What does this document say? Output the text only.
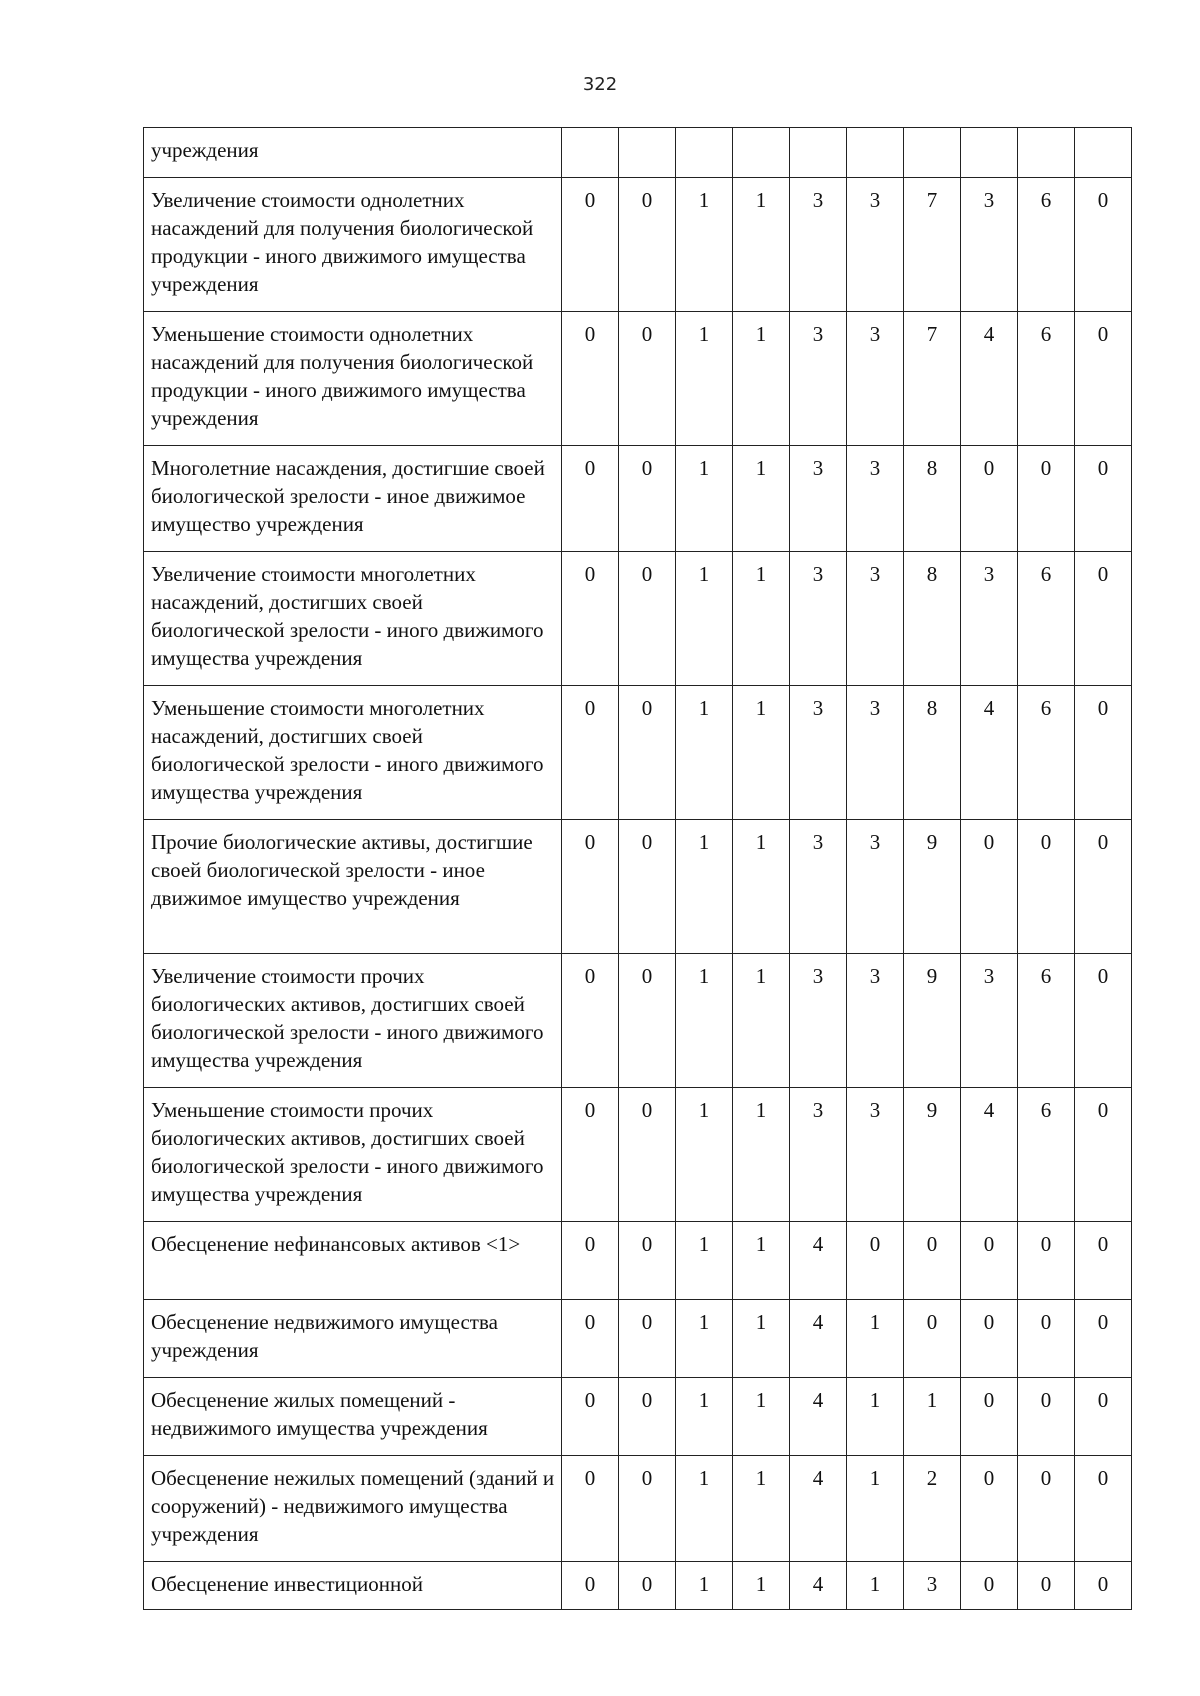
322
учреждения										
Увеличение стоимости однолетних насаждений для получения биологической продукции - иного движимого имущества учреждения	0	0	1	1	3	3	7	3	6	0
Уменьшение стоимости однолетних насаждений для получения биологической продукции - иного движимого имущества учреждения	0	0	1	1	3	3	7	4	6	0
Многолетние насаждения, достигшие своей биологической зрелости - иное движимое имущество учреждения	0	0	1	1	3	3	8	0	0	0
Увеличение стоимости многолетних насаждений, достигших своей биологической зрелости - иного движимого имущества учреждения	0	0	1	1	3	3	8	3	6	0
Уменьшение стоимости многолетних насаждений, достигших своей биологической зрелости - иного движимого имущества учреждения	0	0	1	1	3	3	8	4	6	0
Прочие биологические активы, достигшие своей биологической зрелости - иное движимое имущество учреждения	0	0	1	1	3	3	9	0	0	0
Увеличение стоимости прочих биологических активов, достигших своей биологической зрелости - иного движимого имущества учреждения	0	0	1	1	3	3	9	3	6	0
Уменьшение стоимости прочих биологических активов, достигших своей биологической зрелости - иного движимого имущества учреждения	0	0	1	1	3	3	9	4	6	0
Обесценение нефинансовых активов <1>	0	0	1	1	4	0	0	0	0	0
Обесценение недвижимого имущества учреждения	0	0	1	1	4	1	0	0	0	0
Обесценение жилых помещений - недвижимого имущества учреждения	0	0	1	1	4	1	1	0	0	0
Обесценение нежилых помещений (зданий и сооружений) - недвижимого имущества учреждения	0	0	1	1	4	1	2	0	0	0
Обесценение инвестиционной	0	0	1	1	4	1	3	0	0	0
